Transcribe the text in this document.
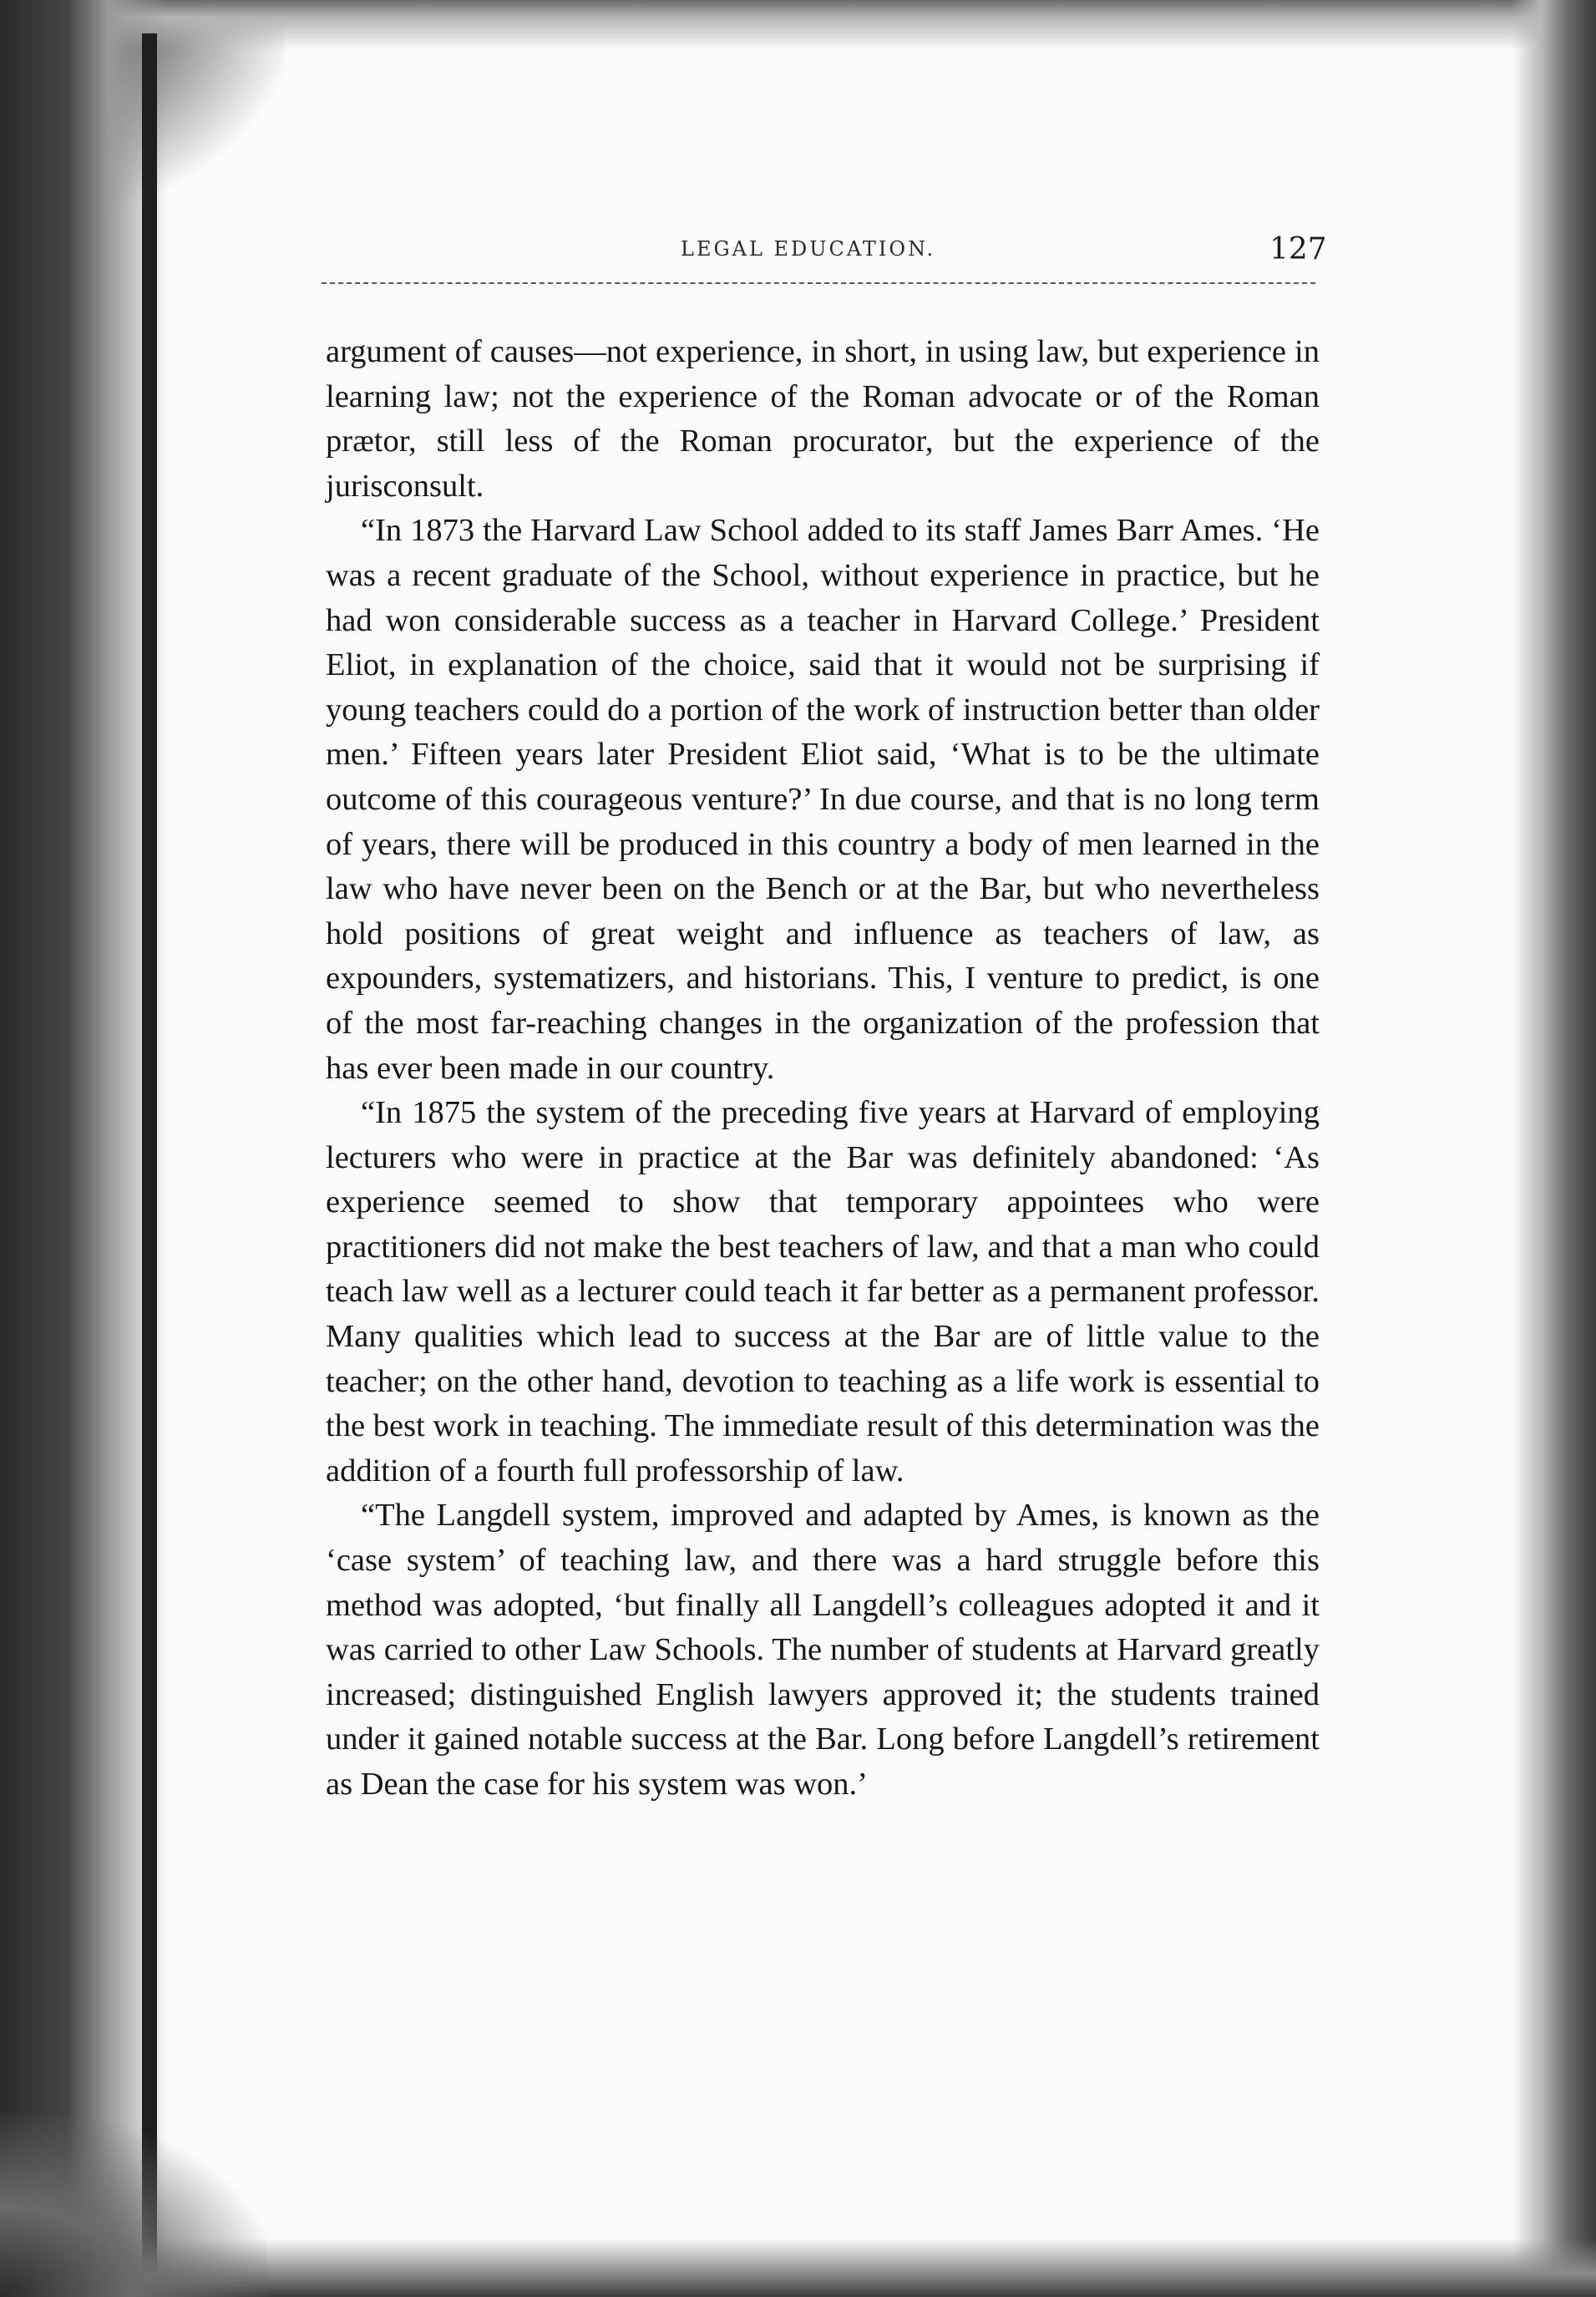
LEGAL EDUCATION.	127

argument of causes—not experience, in short, in using law, but experience in learning law; not the experience of the Roman advocate or of the Roman prætor, still less of the Roman procurator, but the experience of the jurisconsult.

“In 1873 the Harvard Law School added to its staff James Barr Ames. ‘He was a recent graduate of the School, without experience in practice, but he had won considerable success as a teacher in Harvard College.’ President Eliot, in explanation of the choice, said that it would not be surprising if young teachers could do a portion of the work of instruction better than older men.’ Fifteen years later President Eliot said, ‘What is to be the ultimate outcome of this courageous venture?’ In due course, and that is no long term of years, there will be produced in this country a body of men learned in the law who have never been on the Bench or at the Bar, but who nevertheless hold positions of great weight and influence as teachers of law, as expounders, systematizers, and historians. This, I venture to predict, is one of the most far-reaching changes in the organization of the profession that has ever been made in our country.

“In 1875 the system of the preceding five years at Harvard of employing lecturers who were in practice at the Bar was definitely abandoned: ‘As experience seemed to show that temporary appointees who were practitioners did not make the best teachers of law, and that a man who could teach law well as a lecturer could teach it far better as a permanent professor. Many qualities which lead to success at the Bar are of little value to the teacher; on the other hand, devotion to teaching as a life work is essential to the best work in teaching. The immediate result of this determination was the addition of a fourth full professorship of law.

“The Langdell system, improved and adapted by Ames, is known as the ‘case system’ of teaching law, and there was a hard struggle before this method was adopted, ‘but finally all Langdell’s colleagues adopted it and it was carried to other Law Schools. The number of students at Harvard greatly increased; distinguished English lawyers approved it; the students trained under it gained notable success at the Bar. Long before Langdell’s retirement as Dean the case for his system was won.’
